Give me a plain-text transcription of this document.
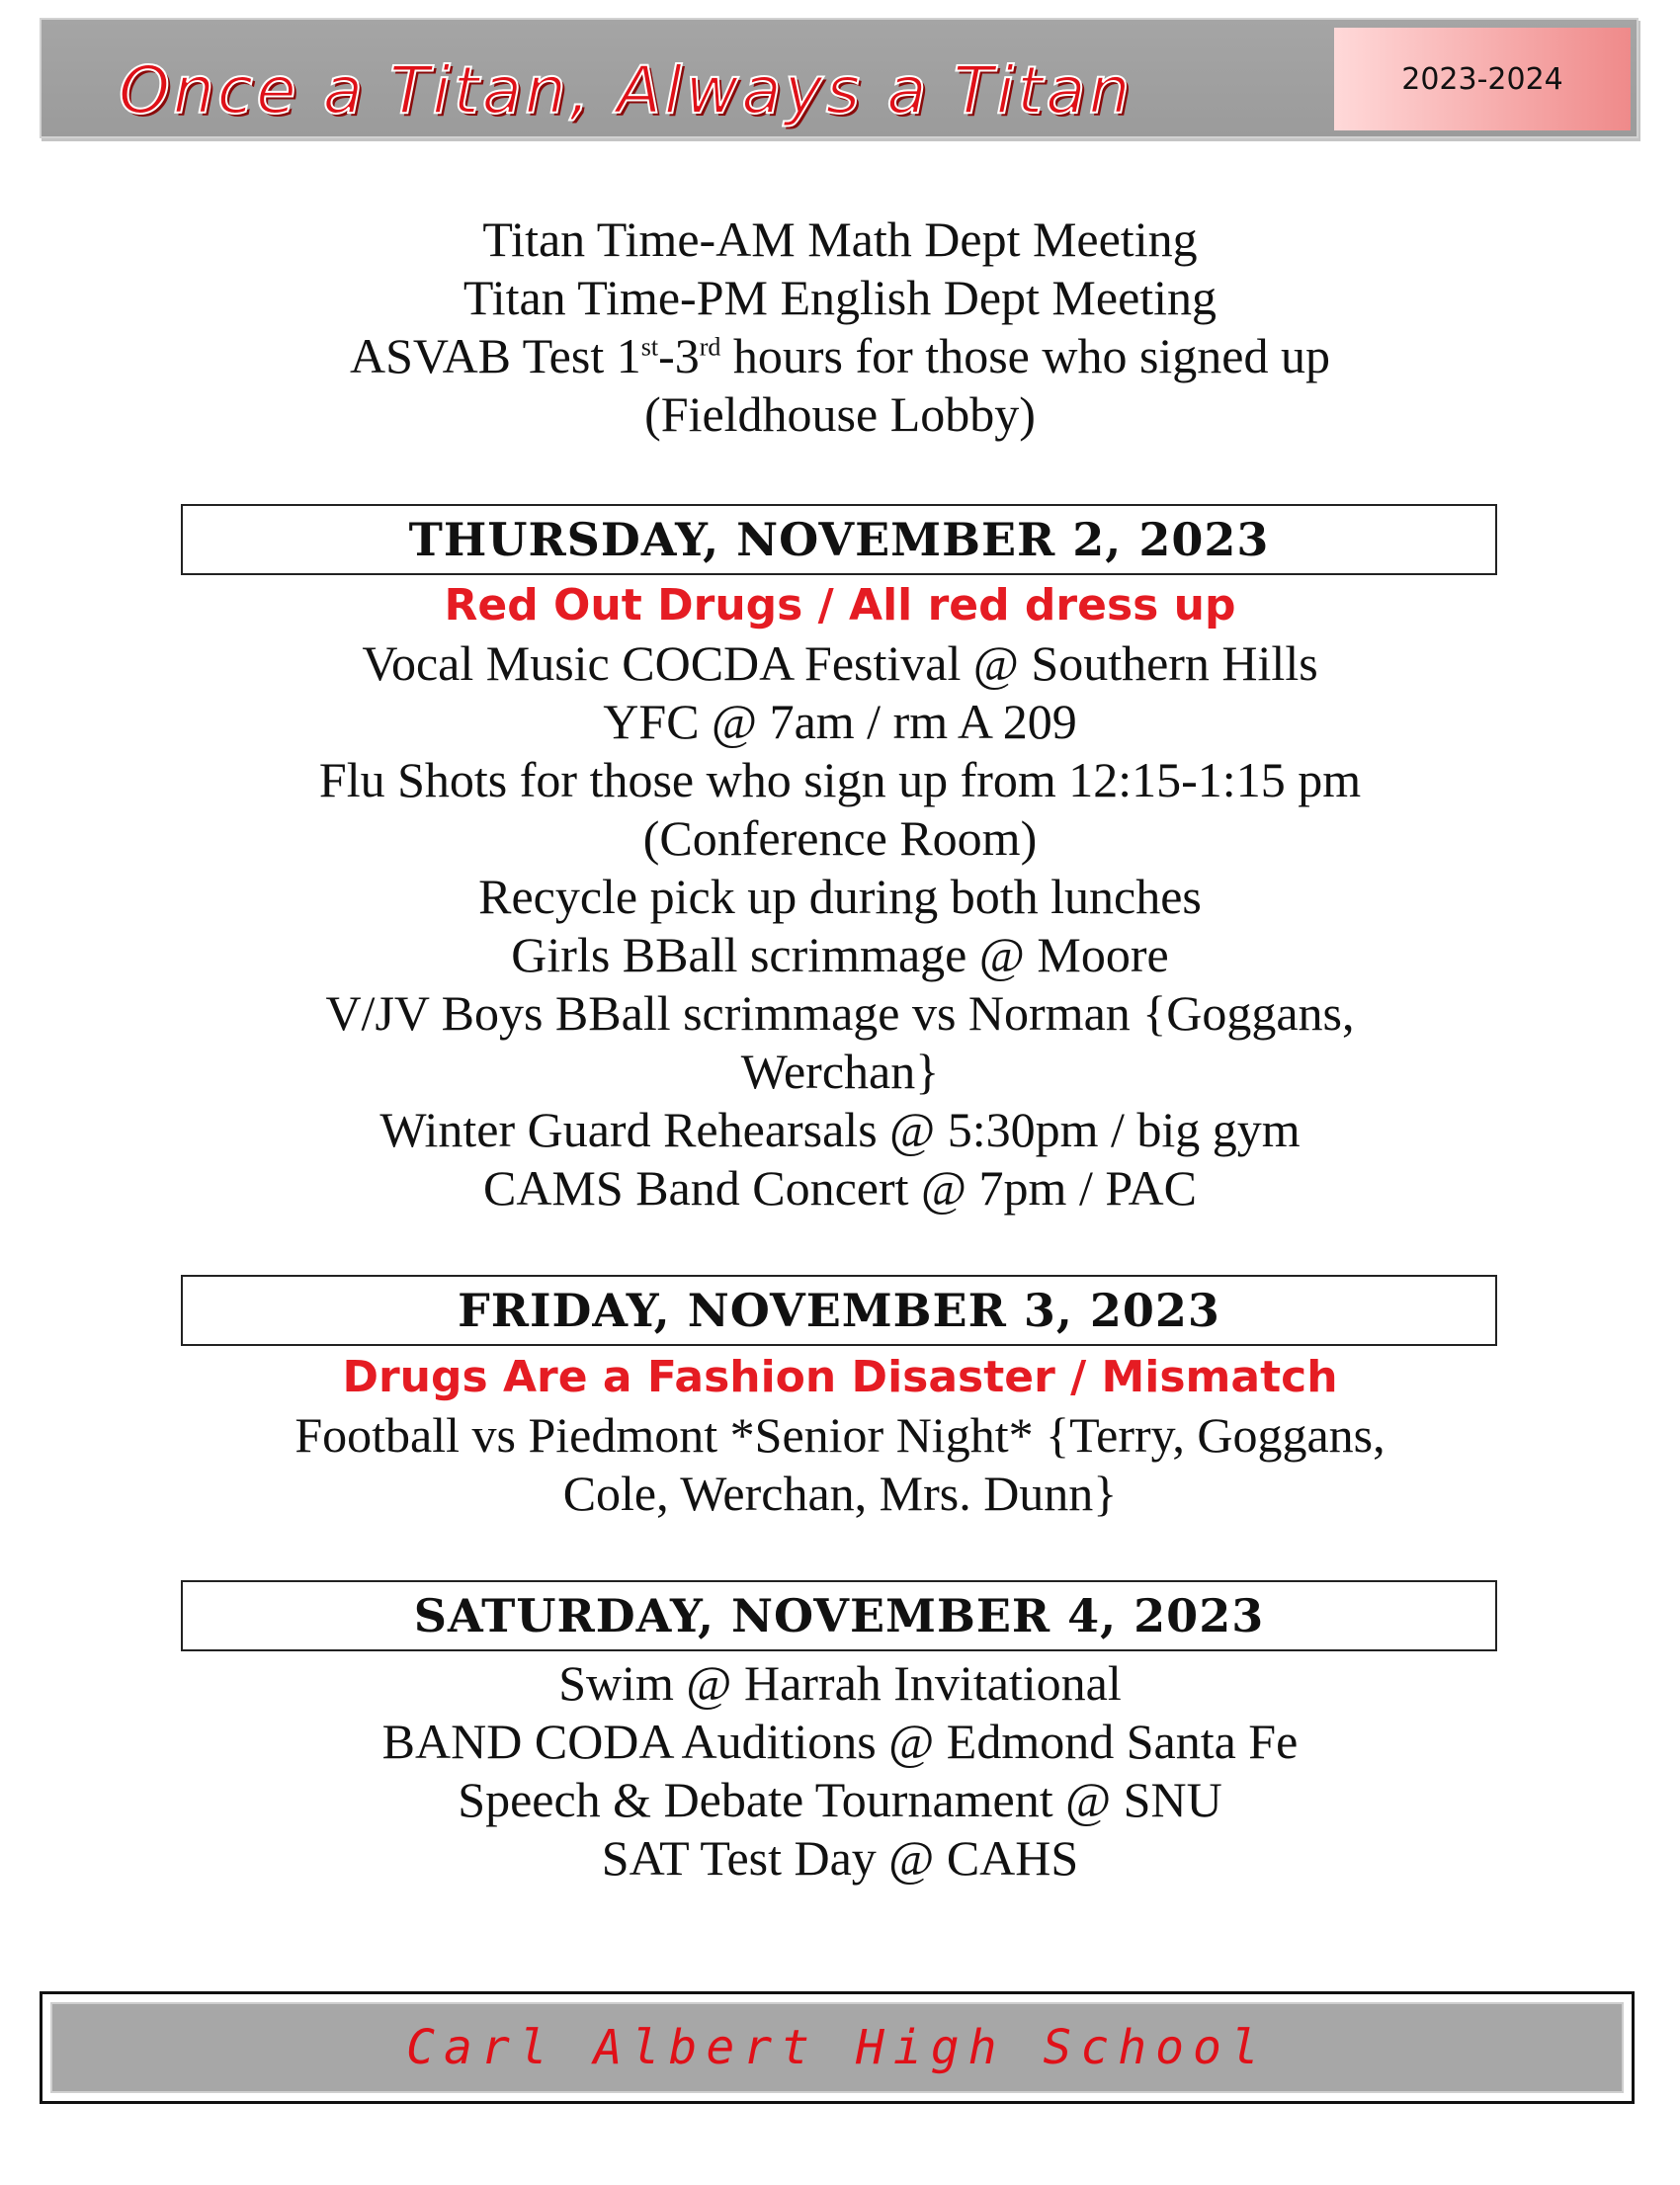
Once a Titan, Always a Titan	2023-2024
Titan Time-AM Math Dept Meeting
Titan Time-PM English Dept Meeting
ASVAB Test 1st-3rd hours for those who signed up
(Fieldhouse Lobby)
THURSDAY, NOVEMBER 2, 2023
Red Out Drugs / All red dress up
Vocal Music COCDA Festival @ Southern Hills
YFC @ 7am / rm A 209
Flu Shots for those who sign up from 12:15-1:15 pm
(Conference Room)
Recycle pick up during both lunches
Girls BBall scrimmage @ Moore
V/JV Boys BBall scrimmage vs Norman {Goggans,
Werchan}
Winter Guard Rehearsals @ 5:30pm / big gym
CAMS Band Concert @ 7pm / PAC
FRIDAY, NOVEMBER 3, 2023
Drugs Are a Fashion Disaster / Mismatch
Football vs Piedmont *Senior Night* {Terry, Goggans,
Cole, Werchan, Mrs. Dunn}
SATURDAY, NOVEMBER 4, 2023
Swim @ Harrah Invitational
BAND CODA Auditions @ Edmond Santa Fe
Speech & Debate Tournament @ SNU
SAT Test Day @ CAHS
Carl Albert High School
